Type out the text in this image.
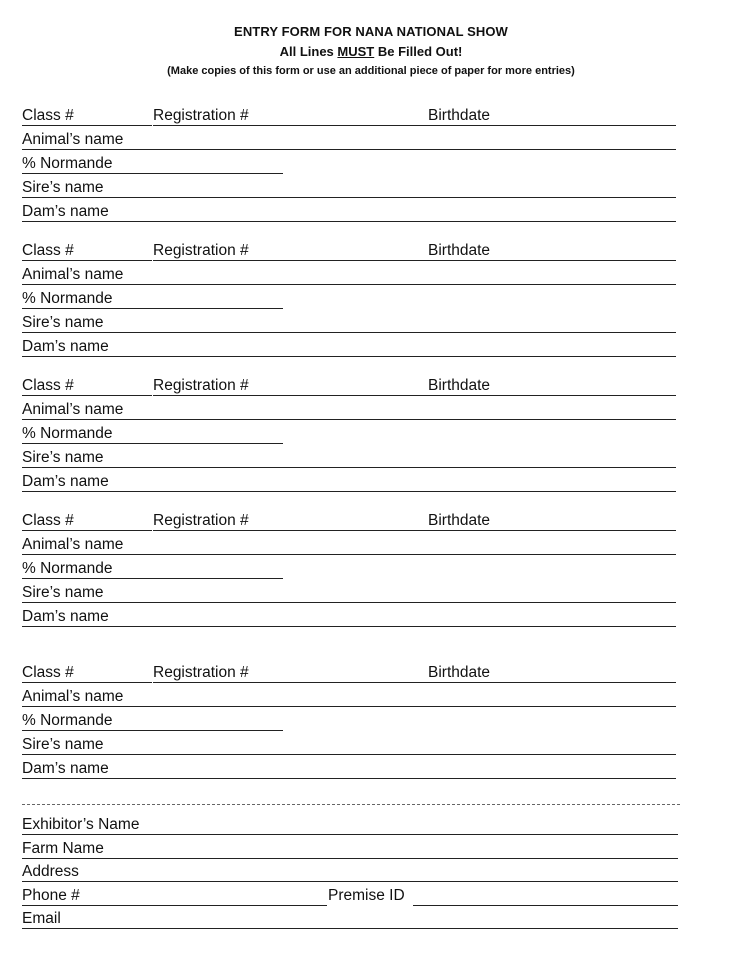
ENTRY FORM FOR NANA NATIONAL SHOW
All Lines MUST Be Filled Out!
(Make copies of this form or use an additional piece of paper for more entries)
Class #	Registration #	Birthdate
Animal’s name
% Normande
Sire’s name
Dam’s name
Class #	Registration #	Birthdate
Animal’s name
% Normande
Sire’s name
Dam’s name
Class #	Registration #	Birthdate
Animal’s name
% Normande
Sire’s name
Dam’s name
Class #	Registration #	Birthdate
Animal’s name
% Normande
Sire’s name
Dam’s name
Class #	Registration #	Birthdate
Animal’s name
% Normande
Sire’s name
Dam’s name
Exhibitor’s Name
Farm Name
Address
Phone #	Premise ID
Email
